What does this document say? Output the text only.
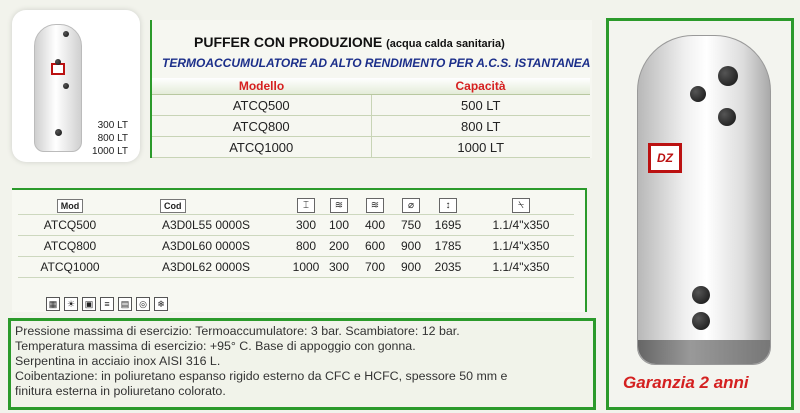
300 LT
800 LT
1000 LT
PUFFER CON PRODUZIONE (acqua calda sanitaria)
TERMOACCUMULATORE AD ALTO RENDIMENTO PER A.C.S. ISTANTANEA
Modello	Capacità
ATCQ500	500 LT
ATCQ800	800 LT
ATCQ1000	1000 LT
Mod	Cod	⌶	≋	≋	⌀	↕	⍀
ATCQ500	A3D0L55 0000S	300	100	400	750	1695	1.1/4"x350
ATCQ800	A3D0L60 0000S	800	200	600	900	1785	1.1/4"x350
ATCQ1000	A3D0L62 0000S	1000	300	700	900	2035	1.1/4"x350
▦ ☀ ▣ ≡ ▤ ◎ ❄
Pressione massima di esercizio: Termoaccumulatore: 3 bar. Scambiatore: 12 bar.
Temperatura massima di esercizio: +95° C. Base di appoggio con gonna.
Serpentina in acciaio inox AISI 316 L.
Coibentazione: in poliuretano espanso rigido esterno da CFC e HCFC, spessore 50 mm e
finitura esterna in poliuretano colorato.
DZ
Garanzia 2 anni
